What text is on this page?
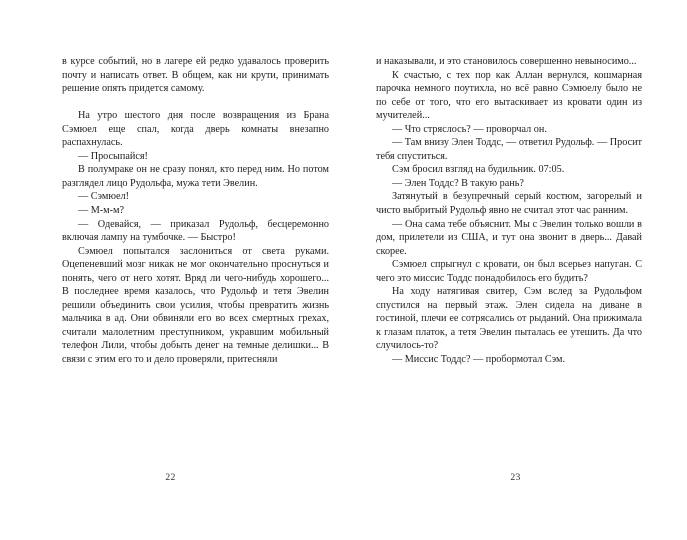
в курсе событий, но в лагере ей редко удавалось проверить почту и написать ответ. В общем, как ни крути, принимать решение опять придется самому.

На утро шестого дня после возвращения из Брана Сэмюел еще спал, когда дверь комнаты внезапно распахнулась.

— Просыпайся!

В полумраке он не сразу понял, кто перед ним. Но потом разглядел лицо Рудольфа, мужа тети Эвелин.

— Сэмюел!

— М-м-м?

— Одевайся, — приказал Рудольф, бесцеремонно включая лампу на тумбочке. — Быстро!

Сэмюел попытался заслониться от света руками. Оцепеневший мозг никак не мог окончательно проснуться и понять, чего от него хотят. Вряд ли чего-нибудь хорошего... В последнее время казалось, что Рудольф и тетя Эвелин решили объединить свои усилия, чтобы превратить жизнь мальчика в ад. Они обвиняли его во всех смертных грехах, считали малолетним преступником, укравшим мобильный телефон Лили, чтобы добыть денег на темные делишки... В связи с этим его то и дело проверяли, притесняли

22

и наказывали, и это становилось совершенно невыносимо...

К счастью, с тех пор как Аллан вернулся, кошмарная парочка немного поутихла, но всё равно Сэмюелу было не по себе от того, что его вытаскивает из кровати один из мучителей...

— Что стряслось? — проворчал он.

— Там внизу Элен Тоддс, — ответил Рудольф. — Просит тебя спуститься.

Сэм бросил взгляд на будильник. 07:05.

— Элен Тоддс? В такую рань?

Затянутый в безупречный серый костюм, загорелый и чисто выбритый Рудольф явно не считал этот час ранним.

— Она сама тебе объяснит. Мы с Эвелин только вошли в дом, прилетели из США, и тут она звонит в дверь... Давай скорее.

Сэмюел спрыгнул с кровати, он был всерьез напуган. С чего это миссис Тоддс понадобилось его будить?

На ходу натягивая свитер, Сэм вслед за Рудольфом спустился на первый этаж. Элен сидела на диване в гостиной, плечи ее сотрясались от рыданий. Она прижимала к глазам платок, а тетя Эвелин пыталась ее утешить. Да что случилось-то?

— Миссис Тоддс? — пробормотал Сэм.

23
